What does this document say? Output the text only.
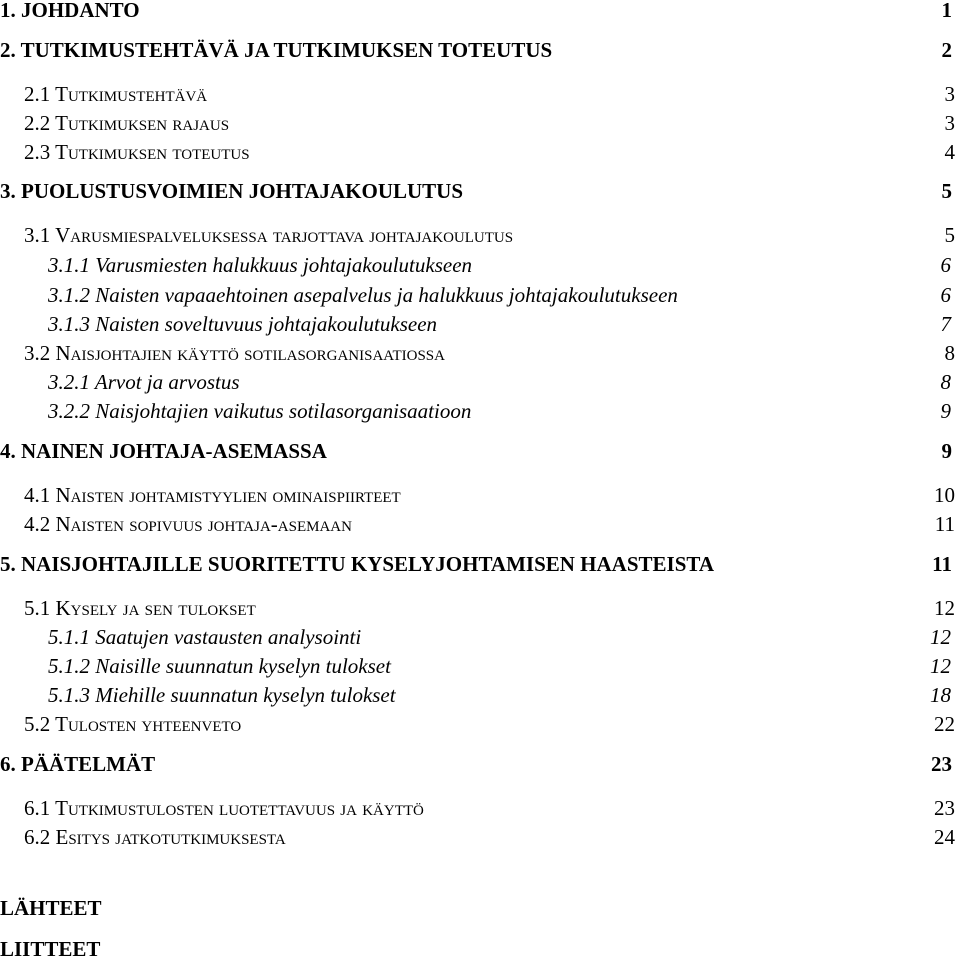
1. JOHDANTO	1
2. TUTKIMUSTEHTÄVÄ JA TUTKIMUKSEN TOTEUTUS	2
2.1 Tutkimustehtävä	3
2.2 Tutkimuksen rajaus	3
2.3 Tutkimuksen toteutus	4
3. PUOLUSTUSVOIMIEN JOHTAJAKOULUTUS	5
3.1 Varusmiespalveluksessa tarjottava johtajakoulutus	5
3.1.1 Varusmiesten halukkuus johtajakoulutukseen	6
3.1.2 Naisten vapaaehtoinen asepalvelus ja halukkuus johtajakoulutukseen	6
3.1.3 Naisten soveltuvuus johtajakoulutukseen	7
3.2 Naisjohtajien käyttö sotilasorganisaatiossa	8
3.2.1 Arvot ja arvostus	8
3.2.2 Naisjohtajien vaikutus sotilasorganisaatioon	9
4. NAINEN JOHTAJA-ASEMASSA	9
4.1 Naisten johtamistyylien ominaispiirteet	10
4.2 Naisten sopivuus johtaja-asemaan	11
5. NAISJOHTAJILLE SUORITETTU KYSELYJOHTAMISEN HAASTEISTA	11
5.1 Kysely ja sen tulokset	12
5.1.1 Saatujen vastausten analysointi	12
5.1.2 Naisille suunnatun kyselyn tulokset	12
5.1.3 Miehille suunnatun kyselyn tulokset	18
5.2 Tulosten yhteenveto	22
6. PÄÄTELMÄT	23
6.1 Tutkimustulosten luotettavuus ja käyttö	23
6.2 Esitys jatkotutkimuksesta	24
LÄHTEET
LIITTEET
